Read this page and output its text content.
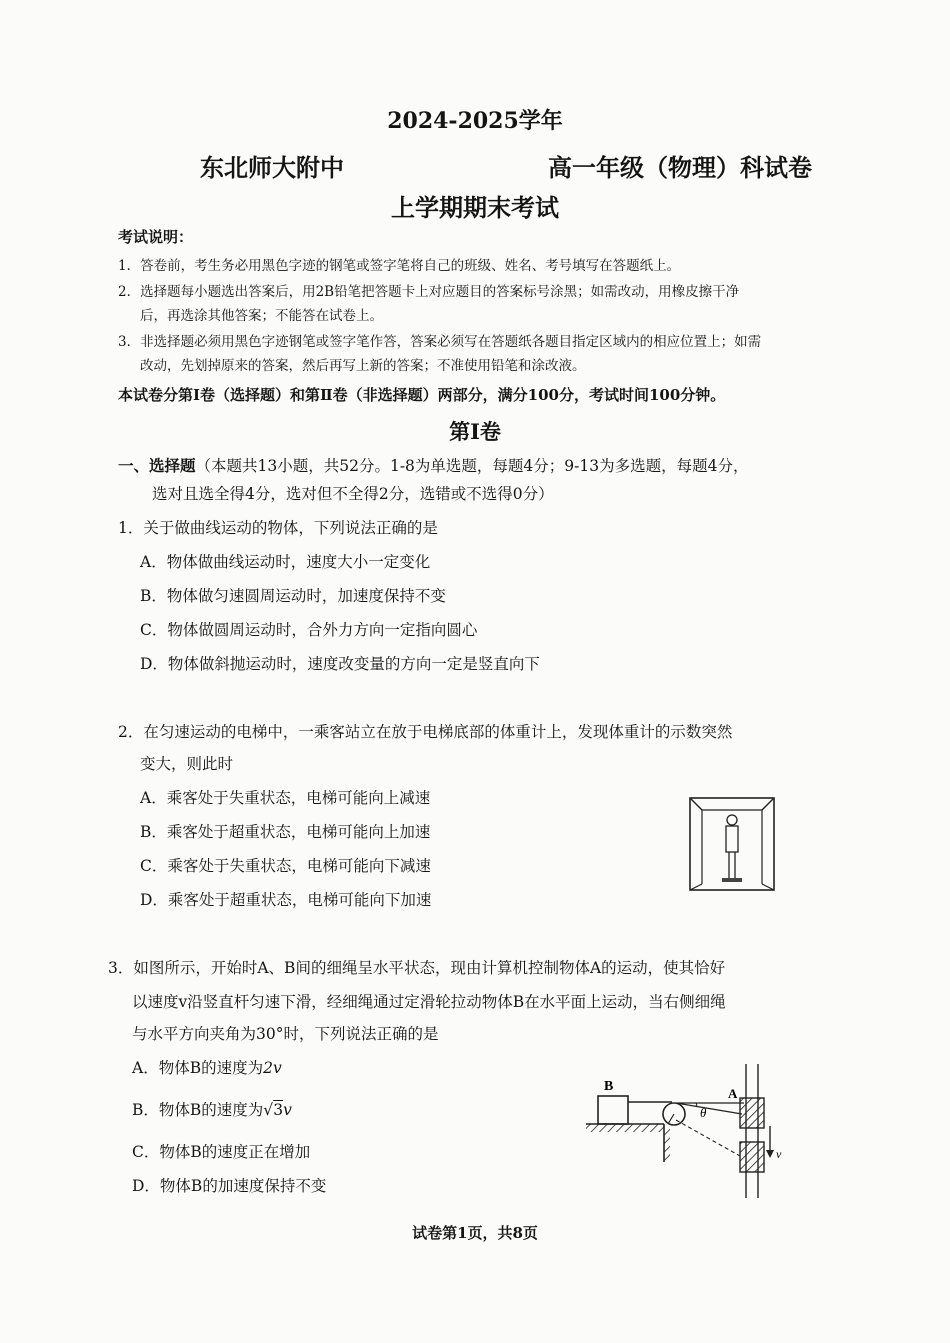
2024-2025学年
东北师大附中	高一年级（物理）科试卷
上学期期末考试
考试说明：
1．答卷前，考生务必用黑色字迹的钢笔或签字笔将自己的班级、姓名、考号填写在答题纸上。
2．选择题每小题选出答案后，用2B铅笔把答题卡上对应题目的答案标号涂黑；如需改动，用橡皮擦干净
后，再选涂其他答案；不能答在试卷上。
3．非选择题必须用黑色字迹钢笔或签字笔作答，答案必须写在答题纸各题目指定区域内的相应位置上；如需
改动，先划掉原来的答案，然后再写上新的答案；不准使用铅笔和涂改液。
本试卷分第Ⅰ卷（选择题）和第Ⅱ卷（非选择题）两部分，满分100分，考试时间100分钟。
第Ⅰ卷
一、选择题（本题共13小题，共52分。1-8为单选题，每题4分；9-13为多选题，每题4分，
选对且选全得4分，选对但不全得2分，选错或不选得0分）
1．关于做曲线运动的物体，下列说法正确的是
A．物体做曲线运动时，速度大小一定变化
B．物体做匀速圆周运动时，加速度保持不变
C．物体做圆周运动时，合外力方向一定指向圆心
D．物体做斜抛运动时，速度改变量的方向一定是竖直向下
2．在匀速运动的电梯中，一乘客站立在放于电梯底部的体重计上，发现体重计的示数突然
变大，则此时
A．乘客处于失重状态，电梯可能向上减速
B．乘客处于超重状态，电梯可能向上加速
C．乘客处于失重状态，电梯可能向下减速
D．乘客处于超重状态，电梯可能向下加速
3．如图所示，开始时A、B间的细绳呈水平状态，现由计算机控制物体A的运动，使其恰好
以速度v沿竖直杆匀速下滑，经细绳通过定滑轮拉动物体B在水平面上运动，当右侧细绳
与水平方向夹角为30°时，下列说法正确的是
A．物体B的速度为2v
B．物体B的速度为√3v
C．物体B的速度正在增加
D．物体B的加速度保持不变
B
θ
A
v
试卷第1页，共8页
